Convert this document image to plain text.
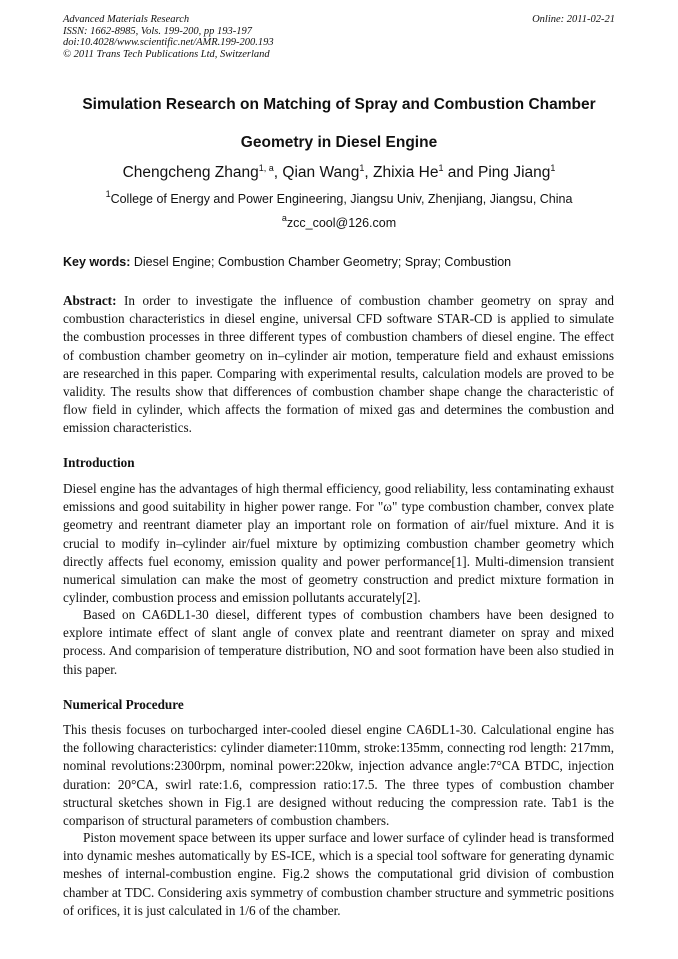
Advanced Materials Research
ISSN: 1662-8985, Vols. 199-200, pp 193-197
doi:10.4028/www.scientific.net/AMR.199-200.193
© 2011 Trans Tech Publications Ltd, Switzerland
Online: 2011-02-21
Simulation Research on Matching of Spray and Combustion Chamber
Geometry in Diesel Engine
Chengcheng Zhang$^{1, a}$, Qian Wang$^1$, Zhixia He$^1$ and Ping Jiang$^1$
$^1$College of Energy and Power Engineering, Jiangsu Univ, Zhenjiang, Jiangsu, China
$^a$zcc_cool@126.com
Key words: Diesel Engine; Combustion Chamber Geometry; Spray; Combustion
Abstract: In order to investigate the influence of combustion chamber geometry on spray and combustion characteristics in diesel engine, universal CFD software STAR-CD is applied to simulate the combustion processes in three different types of combustion chambers of diesel engine. The effect of combustion chamber geometry on in–cylinder air motion, temperature field and exhaust emissions are researched in this paper. Comparing with experimental results, calculation models are proved to be validity. The results show that differences of combustion chamber shape change the characteristic of flow field in cylinder, which affects the formation of mixed gas and determines the combustion and emission characteristics.
Introduction
Diesel engine has the advantages of high thermal efficiency, good reliability, less contaminating exhaust emissions and good suitability in higher power range. For "ω" type combustion chamber, convex plate geometry and reentrant diameter play an important role on formation of air/fuel mixture. And it is crucial to modify in–cylinder air/fuel mixture by optimizing combustion chamber geometry which directly affects fuel economy, emission quality and power performance[1]. Multi-dimension transient numerical simulation can make the most of geometry construction and predict mixture formation in cylinder, combustion process and emission pollutants accurately[2].
Based on CA6DL1-30 diesel, different types of combustion chambers have been designed to explore intimate effect of slant angle of convex plate and reentrant diameter on spray and mixed process. And comparision of temperature distribution, NO and soot formation have been also studied in this paper.
Numerical Procedure
This thesis focuses on turbocharged inter-cooled diesel engine CA6DL1-30. Calculational engine has the following characteristics: cylinder diameter:110mm, stroke:135mm, connecting rod length: 217mm, nominal revolutions:2300rpm, nominal power:220kw, injection advance angle:7°CA BTDC, injection duration: 20°CA, swirl rate:1.6, compression ratio:17.5. The three types of combustion chamber structural sketches shown in Fig.1 are designed without reducing the compression rate. Tab1 is the comparison of structural parameters of combustion chambers.
Piston movement space between its upper surface and lower surface of cylinder head is transformed into dynamic meshes automatically by ES-ICE, which is a special tool software for generating dynamic meshes of internal-combustion engine. Fig.2 shows the computational grid division of combustion chamber at TDC. Considering axis symmetry of combustion chamber structure and symmetric positions of orifices, it is just calculated in 1/6 of the chamber.
